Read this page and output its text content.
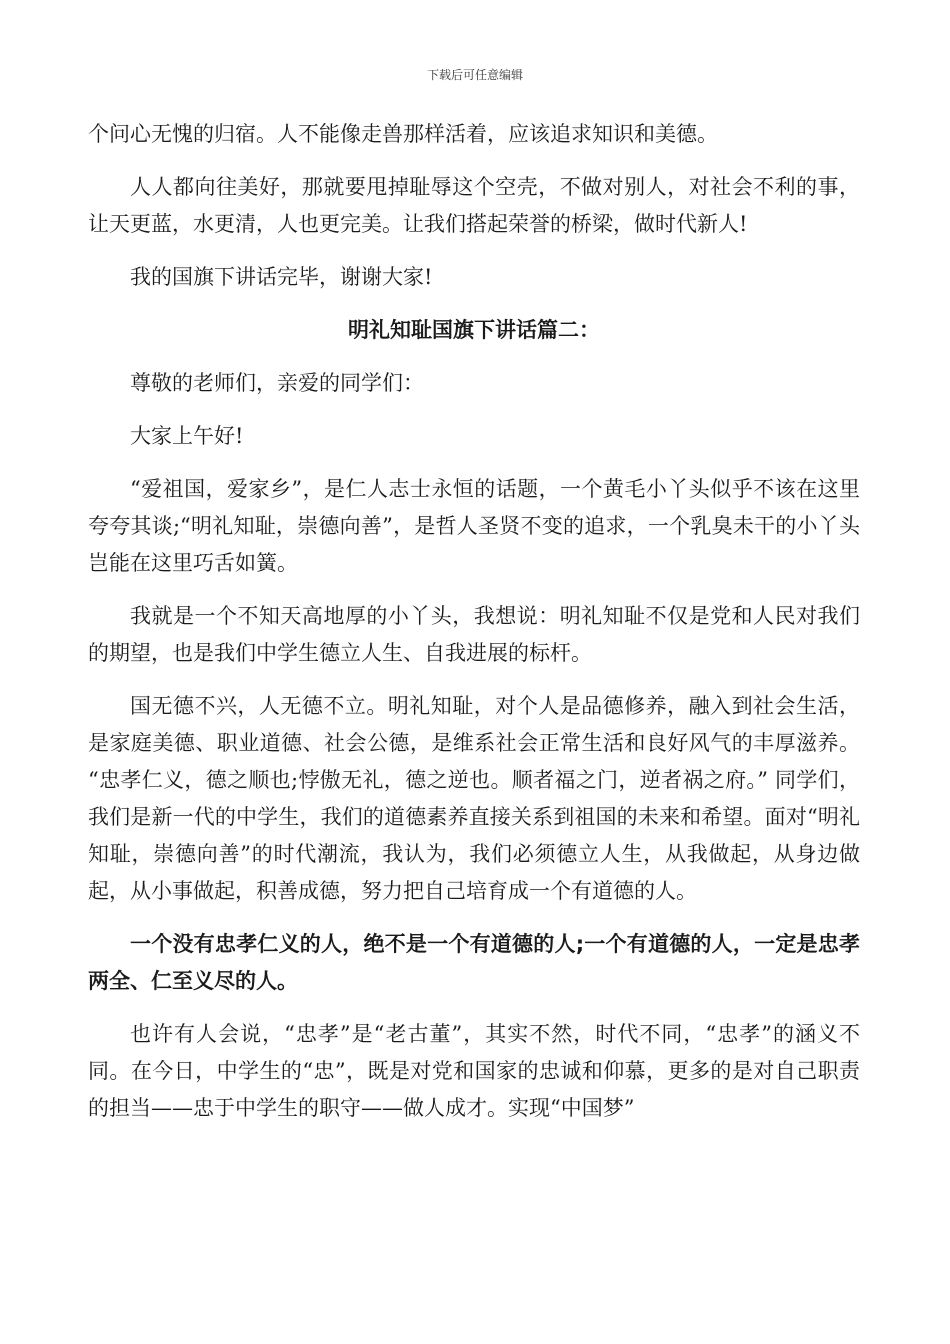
下载后可任意编辑

个问心无愧的归宿。人不能像走兽那样活着，应该追求知识和美德。

人人都向往美好，那就要甩掉耻辱这个空壳，不做对别人，对社会不利的事，让天更蓝，水更清，人也更完美。让我们搭起荣誉的桥梁，做时代新人!

我的国旗下讲话完毕，谢谢大家!

明礼知耻国旗下讲话篇二：

尊敬的老师们，亲爱的同学们：

大家上午好!

“爱祖国，爱家乡”，是仁人志士永恒的话题，一个黄毛小丫头似乎不该在这里夸夸其谈;“明礼知耻，崇德向善”，是哲人圣贤不变的追求，一个乳臭未干的小丫头岂能在这里巧舌如簧。

我就是一个不知天高地厚的小丫头，我想说：明礼知耻不仅是党和人民对我们的期望，也是我们中学生德立人生、自我进展的标杆。

国无德不兴，人无德不立。明礼知耻，对个人是品德修养，融入到社会生活，是家庭美德、职业道德、社会公德，是维系社会正常生活和良好风气的丰厚滋养。 “忠孝仁义，德之顺也;悖傲无礼，德之逆也。顺者福之门，逆者祸之府。” 同学们，我们是新一代的中学生，我们的道德素养直接关系到祖国的未来和希望。面对“明礼知耻，崇德向善”的时代潮流，我认为，我们必须德立人生，从我做起，从身边做起，从小事做起，积善成德，努力把自己培育成一个有道德的人。

一个没有忠孝仁义的人，绝不是一个有道德的人;一个有道德的人，一定是忠孝两全、仁至义尽的人。

也许有人会说，“忠孝”是“老古董”，其实不然，时代不同，“忠孝”的涵义不同。在今日，中学生的“忠”，既是对党和国家的忠诚和仰慕，更多的是对自己职责的担当——忠于中学生的职守——做人成才。实现“中国梦”
